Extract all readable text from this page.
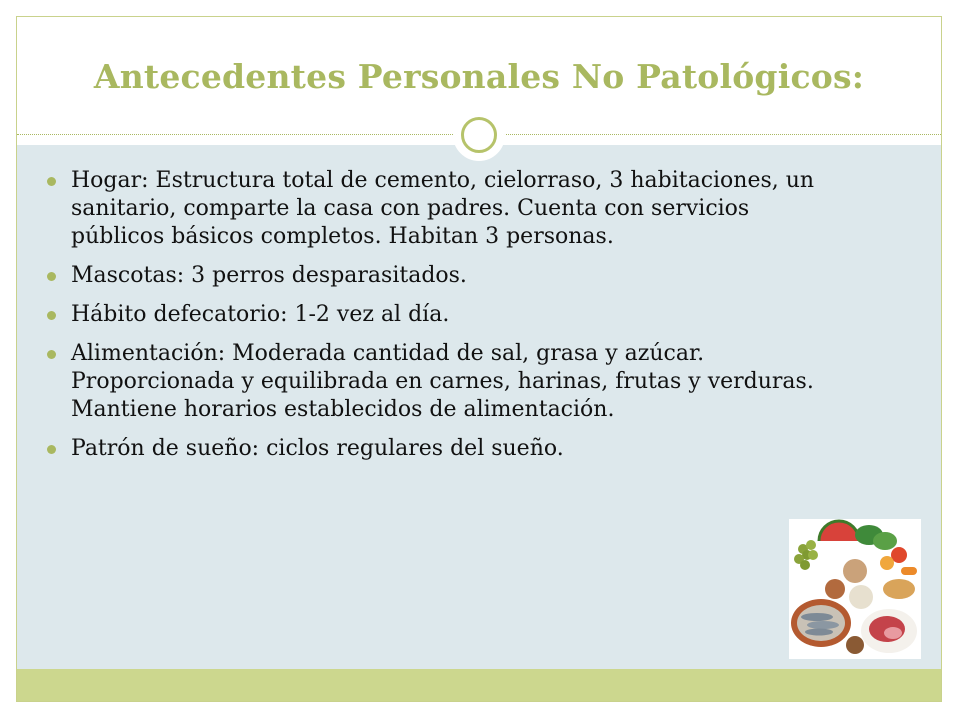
Antecedentes Personales No Patológicos:
Hogar: Estructura total de cemento, cielorraso, 3 habitaciones, un sanitario, comparte la casa con padres. Cuenta con servicios públicos básicos completos. Habitan 3 personas.
Mascotas: 3 perros desparasitados.
Hábito defecatorio: 1-2 vez al día.
Alimentación: Moderada cantidad de sal, grasa y azúcar. Proporcionada y equilibrada en carnes, harinas, frutas y verduras. Mantiene horarios establecidos de alimentación.
Patrón de sueño: ciclos regulares del sueño.
